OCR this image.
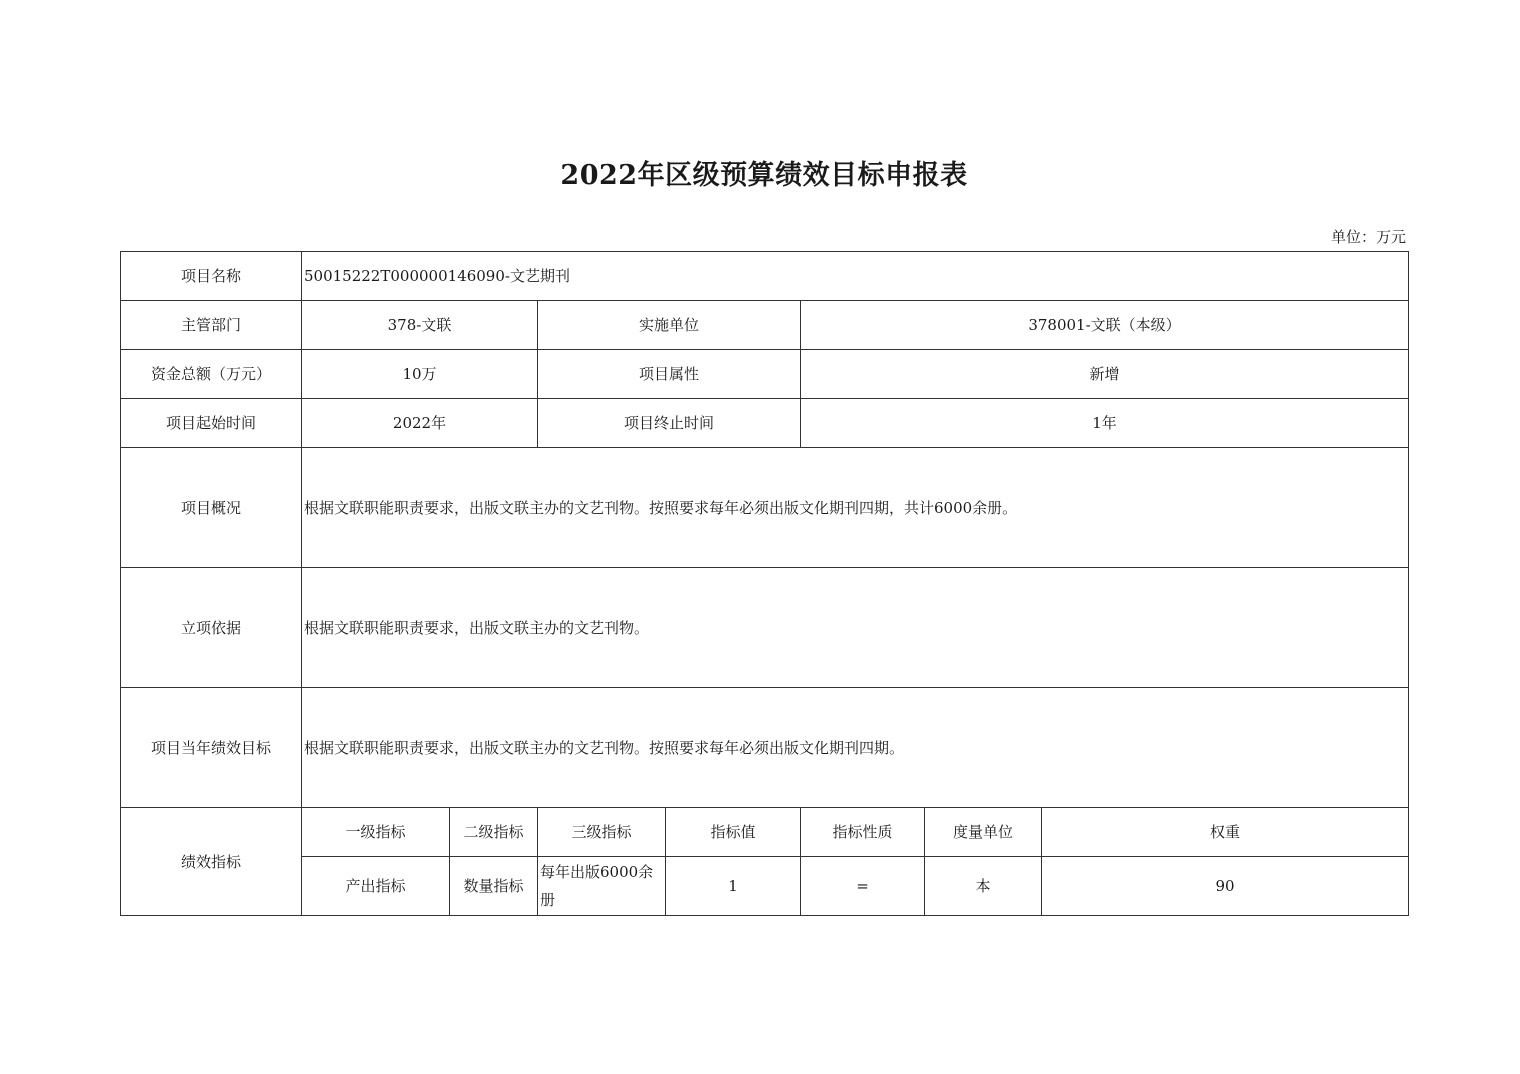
2022年区级预算绩效目标申报表
单位：万元
项目名称	50015222T000000146090-文艺期刊						
主管部门	378-文联		实施单位		378001-文联（本级）		
资金总额（万元）	10万		项目属性		新增		
项目起始时间	2022年		项目终止时间		1年		
项目概况	根据文联职能职责要求，出版文联主办的文艺刊物。按照要求每年必须出版文化期刊四期，共计6000余册。						
立项依据	根据文联职能职责要求，出版文联主办的文艺刊物。						
项目当年绩效目标	根据文联职能职责要求，出版文联主办的文艺刊物。按照要求每年必须出版文化期刊四期。						
绩效指标	一级指标	二级指标	三级指标	指标值	指标性质	度量单位	权重
	产出指标	数量指标	每年出版6000余册	1	=	本	90
